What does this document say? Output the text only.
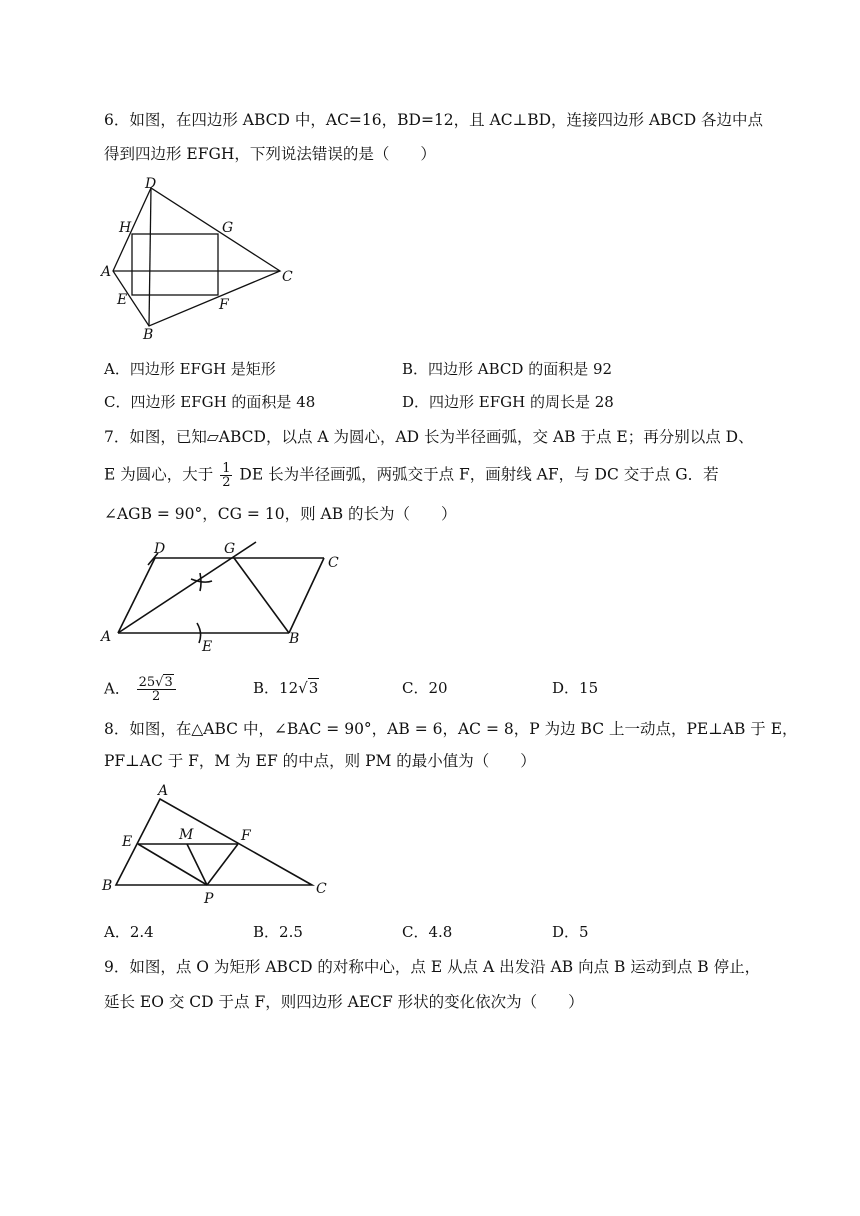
6．如图，在四边形 ABCD 中，AC=16，BD=12，且 AC⊥BD，连接四边形 ABCD 各边中点
得到四边形 EFGH，下列说法错误的是（　　）
D
H	G
A	C
E	F
B
A．四边形 EFGH 是矩形	B．四边形 ABCD 的面积是 92
C．四边形 EFGH 的面积是 48	D．四边形 EFGH 的周长是 28
7．如图，已知▱ABCD，以点 A 为圆心，AD 长为半径画弧，交 AB 于点 E；再分别以点 D、
E 为圆心，大于 $\frac{1}{2}$ DE 长为半径画弧，两弧交于点 F，画射线 AF，与 DC 交于点 G．若
∠AGB = 90°，CG = 10，则 AB 的长为（　　）
D	G
C
A
E	B
A． $\frac{25√3}{2}$	B．12√3	C．20	D．15
8．如图，在△ABC 中，∠BAC = 90°，AB = 6，AC = 8，P 为边 BC 上一动点，PE⊥AB 于 E，
PF⊥AC 于 F，M 为 EF 的中点，则 PM 的最小值为（　　）
A
E	M	F
B
P
C
A．2.4	B．2.5	C．4.8	D．5
9．如图，点 O 为矩形 ABCD 的对称中心，点 E 从点 A 出发沿 AB 向点 B 运动到点 B 停止，
延长 EO 交 CD 于点 F，则四边形 AECF 形状的变化依次为（　　）
